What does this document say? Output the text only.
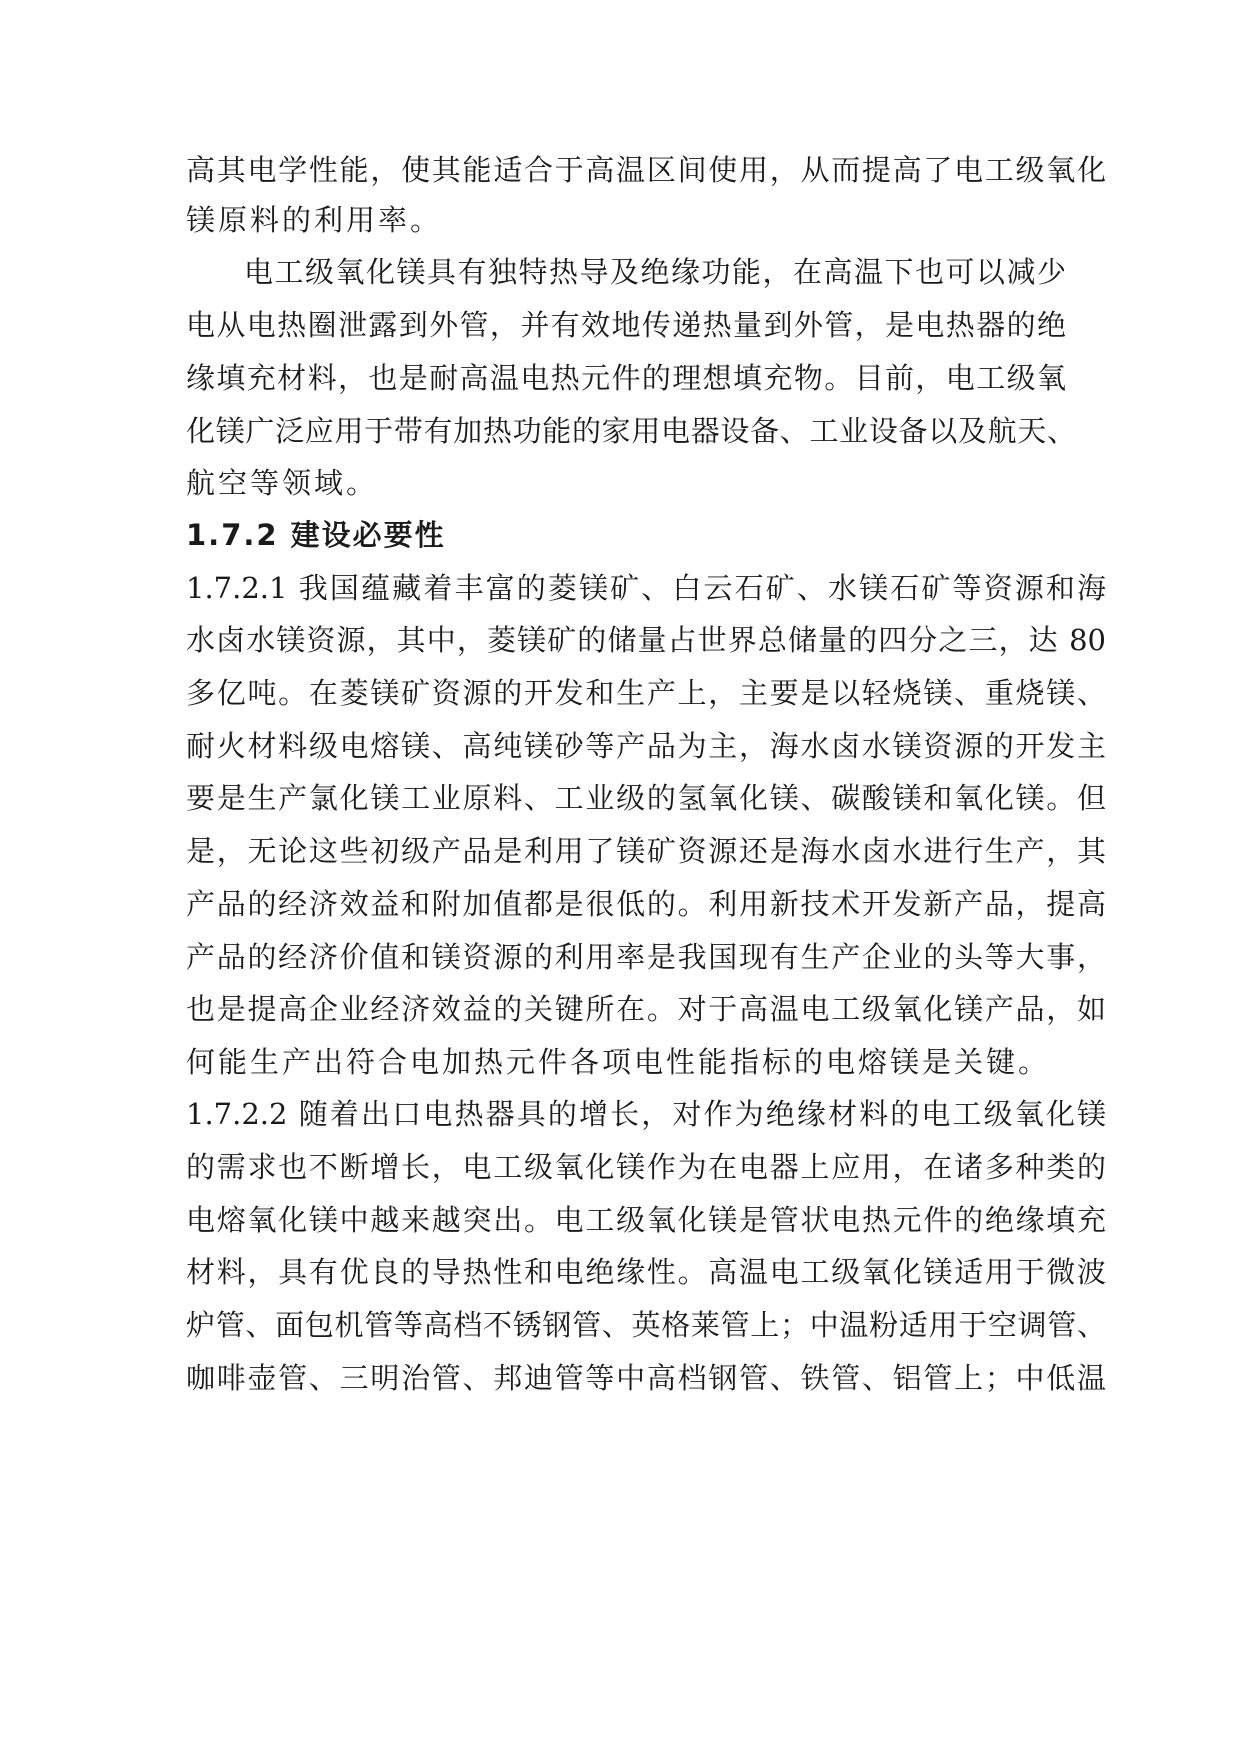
高其电学性能，使其能适合于高温区间使用，从而提高了电工级氧化
镁原料的利用率。
电工级氧化镁具有独特热导及绝缘功能，在高温下也可以减少
电从电热圈泄露到外管，并有效地传递热量到外管，是电热器的绝
缘填充材料，也是耐高温电热元件的理想填充物。目前，电工级氧
化镁广泛应用于带有加热功能的家用电器设备、工业设备以及航天、
航空等领域。
1.7.2 建设必要性
1.7.2.1 我国蕴藏着丰富的菱镁矿、白云石矿、水镁石矿等资源和海
水卤水镁资源，其中，菱镁矿的储量占世界总储量的四分之三，达 80
多亿吨。在菱镁矿资源的开发和生产上，主要是以轻烧镁、重烧镁、
耐火材料级电熔镁、高纯镁砂等产品为主，海水卤水镁资源的开发主
要是生产氯化镁工业原料、工业级的氢氧化镁、碳酸镁和氧化镁。但
是，无论这些初级产品是利用了镁矿资源还是海水卤水进行生产，其
产品的经济效益和附加值都是很低的。利用新技术开发新产品，提高
产品的经济价值和镁资源的利用率是我国现有生产企业的头等大事，
也是提高企业经济效益的关键所在。对于高温电工级氧化镁产品，如
何能生产出符合电加热元件各项电性能指标的电熔镁是关键。
1.7.2.2 随着出口电热器具的增长，对作为绝缘材料的电工级氧化镁
的需求也不断增长，电工级氧化镁作为在电器上应用，在诸多种类的
电熔氧化镁中越来越突出。电工级氧化镁是管状电热元件的绝缘填充
材料，具有优良的导热性和电绝缘性。高温电工级氧化镁适用于微波
炉管、面包机管等高档不锈钢管、英格莱管上；中温粉适用于空调管、
咖啡壶管、三明治管、邦迪管等中高档钢管、铁管、铝管上；中低温
